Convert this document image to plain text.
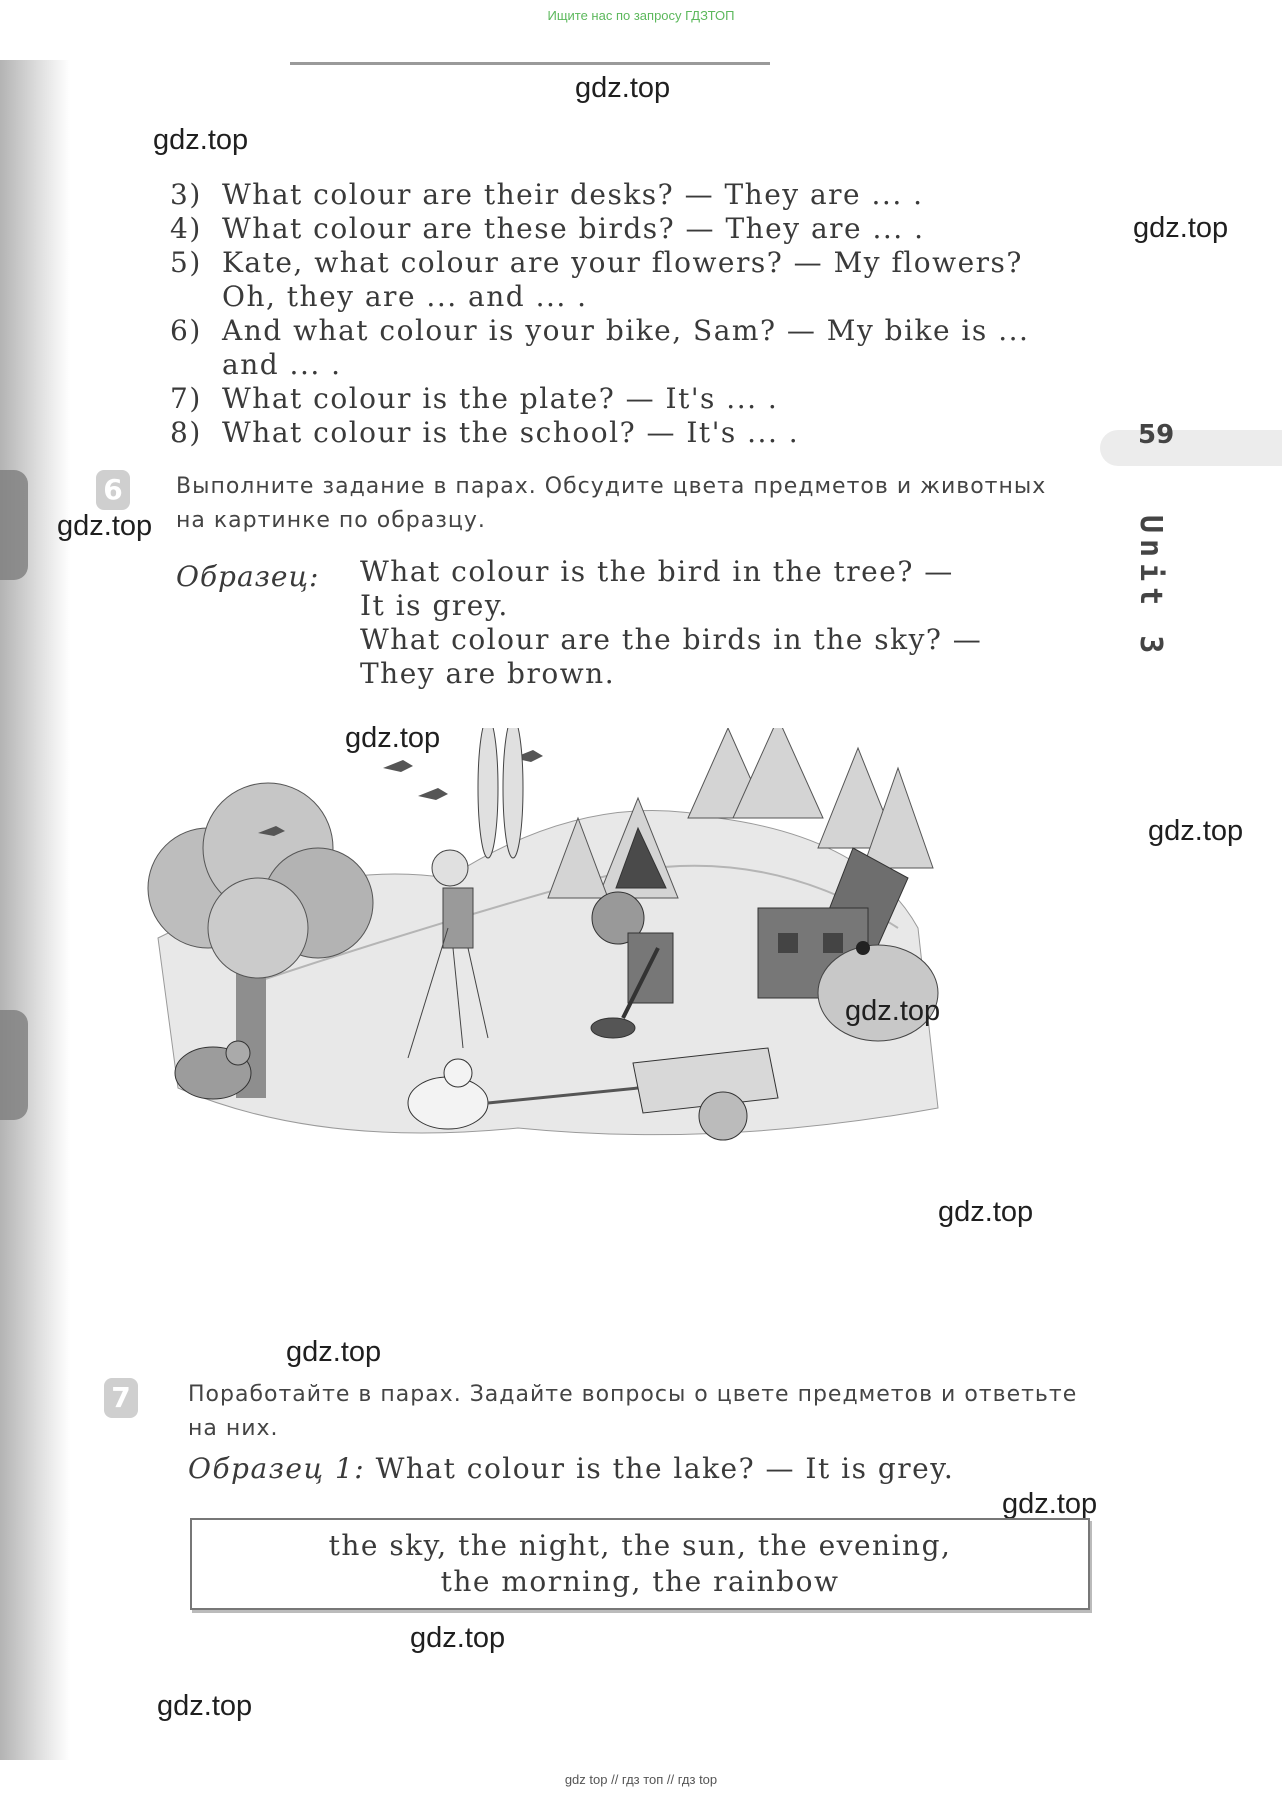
Ищите нас по запросу ГДЗТОП
gdz.top
gdz.top
gdz.top
gdz.top
3) What colour are their desks? — They are ... .
4) What colour are these birds? — They are ... .
5) Kate, what colour are your flowers? — My flowers? Oh, they are ... and ... .
6) And what colour is your bike, Sam? — My bike is ... and ... .
7) What colour is the plate? — It's ... .
8) What colour is the school? — It's ... .	59
Unit 3
6	Выполните задание в парах. Обсудите цвета предметов и животных на картинке по образцу.
Образец: What colour is the bird in the tree? —
It is grey.
What colour are the birds in the sky? —
They are brown.
gdz.top
gdz.top
gdz.top
gdz.top
gdz.top
7	Поработайте в парах. Задайте вопросы о цвете предметов и ответьте на них.
Образец 1: What colour is the lake? — It is grey.
gdz.top
the sky, the night, the sun, the evening,
the morning, the rainbow
gdz.top
gdz.top
gdz top // гдз топ // гдз top
